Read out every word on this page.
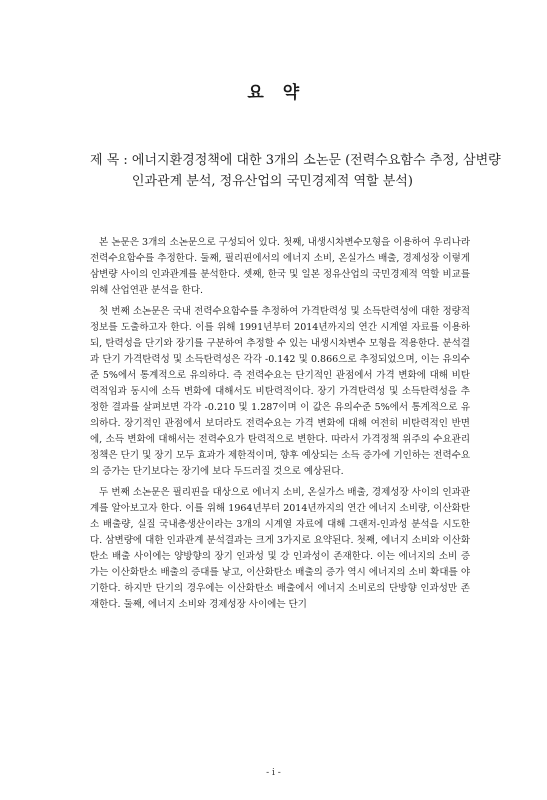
요 약
제 목 : 에너지환경정책에 대한 3개의 소논문 (전력수요함수 추정, 삼변량 인과관계 분석, 정유산업의 국민경제적 역할 분석)

본 논문은 3개의 소논문으로 구성되어 있다. 첫째, 내생시차변수모형을 이용하여 우리나라 전력수요함수를 추정한다. 둘째, 필리핀에서의 에너지 소비, 온실가스 배출, 경제성장 이렇게 삼변량 사이의 인과관계를 분석한다. 셋째, 한국 및 일본 정유산업의 국민경제적 역할 비교를 위해 산업연관 분석을 한다.

첫 번째 소논문은 국내 전력수요함수를 추정하여 가격탄력성 및 소득탄력성에 대한 정량적 정보를 도출하고자 한다. 이를 위해 1991년부터 2014년까지의 연간 시계열 자료를 이용하되, 탄력성을 단기와 장기를 구분하여 추정할 수 있는 내생시차변수 모형을 적용한다. 분석결과 단기 가격탄력성 및 소득탄력성은 각각 -0.142 및 0.866으로 추정되었으며, 이는 유의수준 5%에서 통계적으로 유의하다. 즉 전력수요는 단기적인 관점에서 가격 변화에 대해 비탄력적임과 동시에 소득 변화에 대해서도 비탄력적이다. 장기 가격탄력성 및 소득탄력성을 추정한 결과를 살펴보면 각각 -0.210 및 1.287이며 이 값은 유의수준 5%에서 통계적으로 유의하다. 장기적인 관점에서 보더라도 전력수요는 가격 변화에 대해 여전히 비탄력적인 반면에, 소득 변화에 대해서는 전력수요가 탄력적으로 변한다. 따라서 가격정책 위주의 수요관리정책은 단기 및 장기 모두 효과가 제한적이며, 향후 예상되는 소득 증가에 기인하는 전력수요의 증가는 단기보다는 장기에 보다 두드러질 것으로 예상된다.

두 번째 소논문은 필리핀을 대상으로 에너지 소비, 온실가스 배출, 경제성장 사이의 인과관계를 알아보고자 한다. 이를 위해 1964년부터 2014년까지의 연간 에너지 소비량, 이산화탄소 배출량, 실질 국내총생산이라는 3개의 시계열 자료에 대해 그랜저-인과성 분석을 시도한다. 삼변량에 대한 인과관계 분석결과는 크게 3가지로 요약된다. 첫째, 에너지 소비와 이산화탄소 배출 사이에는 양방향의 장기 인과성 및 강 인과성이 존재한다. 이는 에너지의 소비 증가는 이산화탄소 배출의 증대를 낳고, 이산화탄소 배출의 증가 역시 에너지의 소비 확대를 야기한다. 하지만 단기의 경우에는 이산화탄소 배출에서 에너지 소비로의 단방향 인과성만 존재한다. 둘째, 에너지 소비와 경제성장 사이에는 단기

- i -
